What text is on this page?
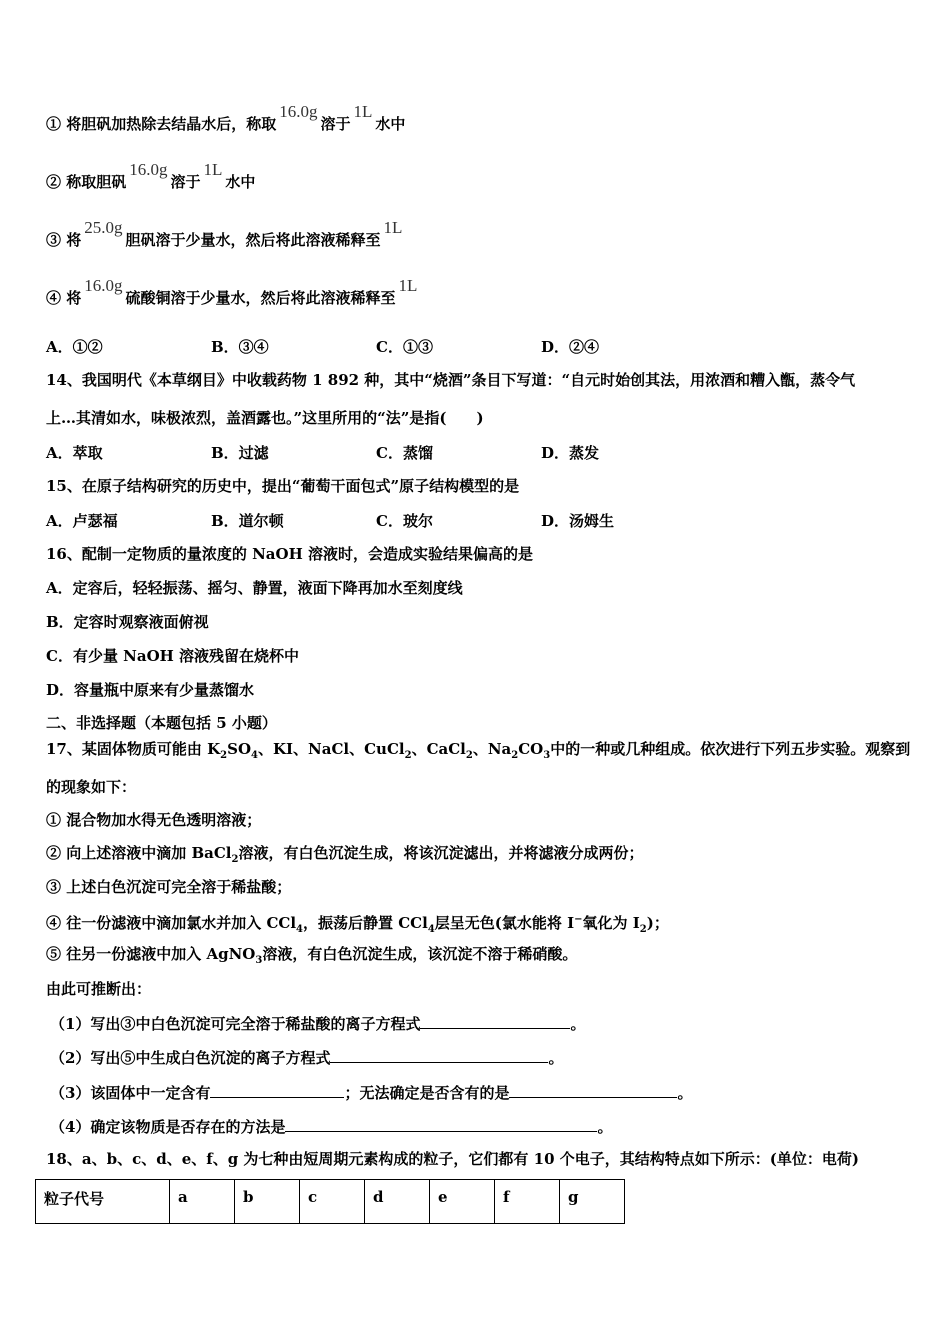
① 将胆矾加热除去结晶水后，称取16.0g溶于1L水中
② 称取胆矾16.0g溶于1L水中
③ 将25.0g胆矾溶于少量水，然后将此溶液稀释至1L
④ 将16.0g硫酸铜溶于少量水，然后将此溶液稀释至1L
A．①②	B．③④	C．①③	D．②④
14、我国明代《本草纲目》中收载药物 1 892 种，其中“烧酒”条目下写道：“自元时始创其法，用浓酒和糟入甑，蒸令气
上…其清如水，味极浓烈，盖酒露也。”这里所用的“法”是指(　　)
A．萃取	B．过滤	C．蒸馏	D．蒸发
15、在原子结构研究的历史中，提出“葡萄干面包式”原子结构模型的是
A．卢瑟福	B．道尔顿	C．玻尔	D．汤姆生
16、配制一定物质的量浓度的 NaOH 溶液时，会造成实验结果偏高的是
A．定容后，轻轻振荡、摇匀、静置，液面下降再加水至刻度线
B．定容时观察液面俯视
C．有少量 NaOH 溶液残留在烧杯中
D．容量瓶中原来有少量蒸馏水
二、非选择题（本题包括 5 小题）
17、某固体物质可能由 $K_2SO_4$、KI、NaCl、CuCl$_2$、CaCl$_2$、$Na_2CO_3$中的一种或几种组成。依次进行下列五步实验。观察到
的现象如下：
① 混合物加水得无色透明溶液；
② 向上述溶液中滴加 BaCl$_2$溶液，有白色沉淀生成，将该沉淀滤出，并将滤液分成两份；
③ 上述白色沉淀可完全溶于稀盐酸；
④ 往一份滤液中滴加氯水并加入 CCl$_4$，振荡后静置 CCl$_4$层呈无色(氯水能将 I−氧化为 $I_2$)；
⑤ 往另一份滤液中加入 AgNO$_3$溶液，有白色沉淀生成，该沉淀不溶于稀硝酸。
由此可推断出：
（1）写出③中白色沉淀可完全溶于稀盐酸的离子方程式	。
（2）写出⑤中生成白色沉淀的离子方程式	。
（3）该固体中一定含有	；无法确定是否含有的是	。
（4）确定该物质是否存在的方法是	。
18、a、b、c、d、e、f、g 为七种由短周期元素构成的粒子，它们都有 10 个电子，其结构特点如下所示：(单位：电荷)
粒子代号	a	b	c	d	e	f	g
